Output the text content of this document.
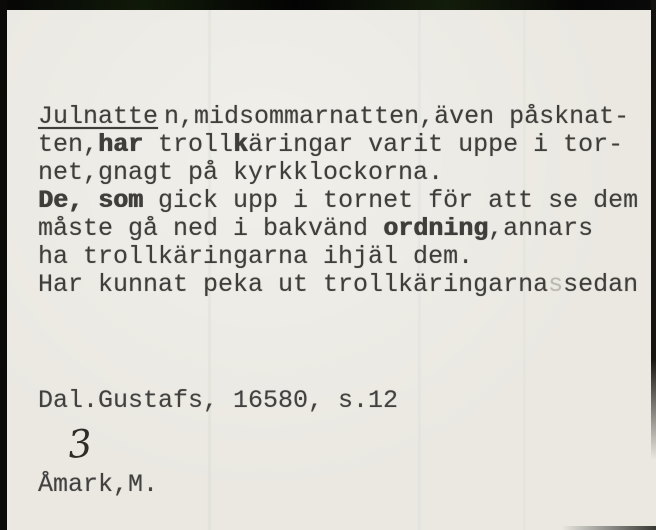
Julnatte n,midsommarnatten,även påsknat-
ten,har trollkäringar varit uppe i tor-
net,gnagt på kyrkklockorna.
De, som gick upp i tornet för att se dem
måste gå ned i bakvänd ordning,annars
ha trollkäringarna ihjäl dem.
Har kunnat peka ut trollkäringarnassedan

Dal.Gustafs, 16580, s.12

Åmark,M.

3
